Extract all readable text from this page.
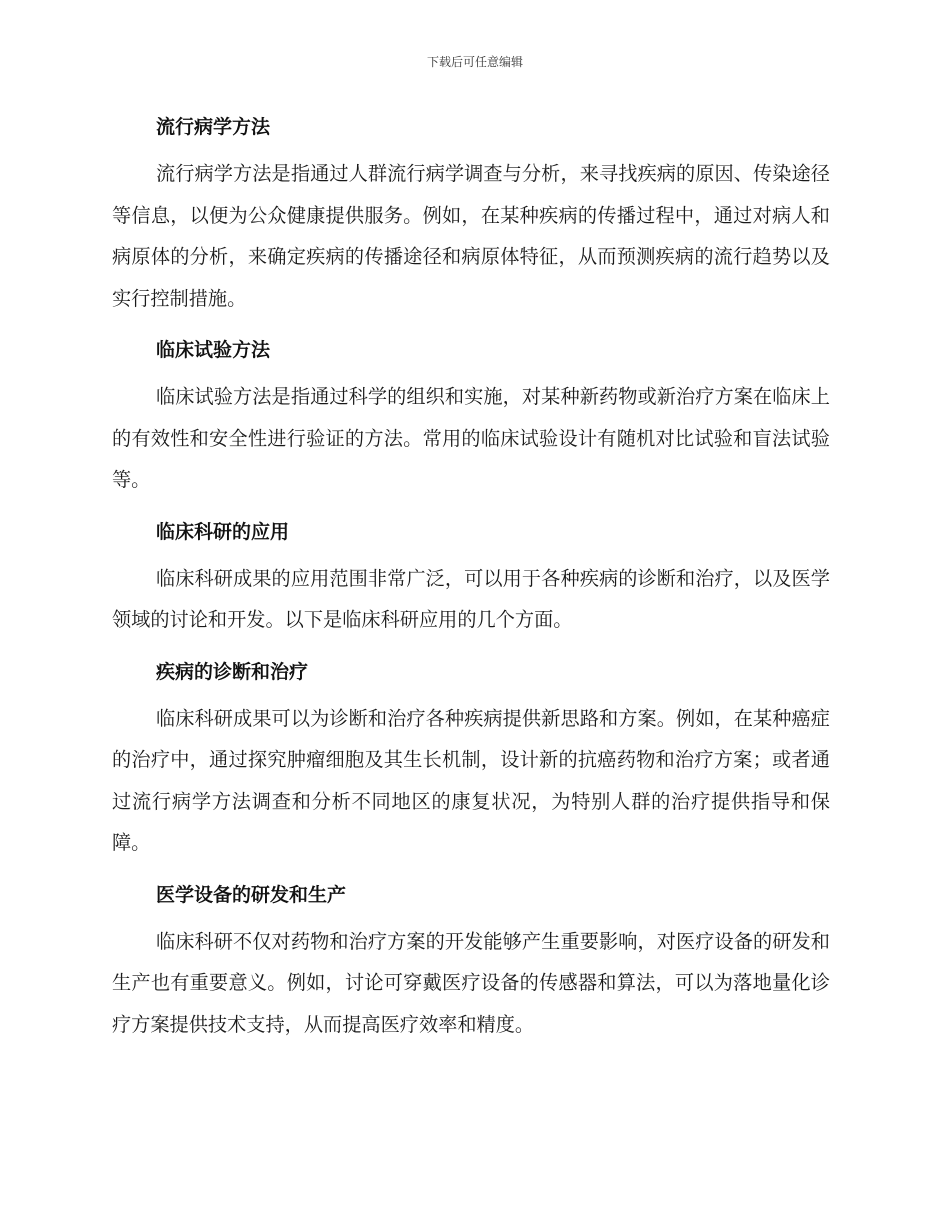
下载后可任意编辑
流行病学方法

流行病学方法是指通过人群流行病学调查与分析，来寻找疾病的原因、传染途径等信息，以便为公众健康提供服务。例如，在某种疾病的传播过程中，通过对病人和病原体的分析，来确定疾病的传播途径和病原体特征，从而预测疾病的流行趋势以及实行控制措施。

临床试验方法

临床试验方法是指通过科学的组织和实施，对某种新药物或新治疗方案在临床上的有效性和安全性进行验证的方法。常用的临床试验设计有随机对比试验和盲法试验等。

临床科研的应用

临床科研成果的应用范围非常广泛，可以用于各种疾病的诊断和治疗，以及医学领域的讨论和开发。以下是临床科研应用的几个方面。

疾病的诊断和治疗

临床科研成果可以为诊断和治疗各种疾病提供新思路和方案。例如，在某种癌症的治疗中，通过探究肿瘤细胞及其生长机制，设计新的抗癌药物和治疗方案；或者通过流行病学方法调查和分析不同地区的康复状况，为特别人群的治疗提供指导和保障。

医学设备的研发和生产

临床科研不仅对药物和治疗方案的开发能够产生重要影响，对医疗设备的研发和生产也有重要意义。例如，讨论可穿戴医疗设备的传感器和算法，可以为落地量化诊疗方案提供技术支持，从而提高医疗效率和精度。
